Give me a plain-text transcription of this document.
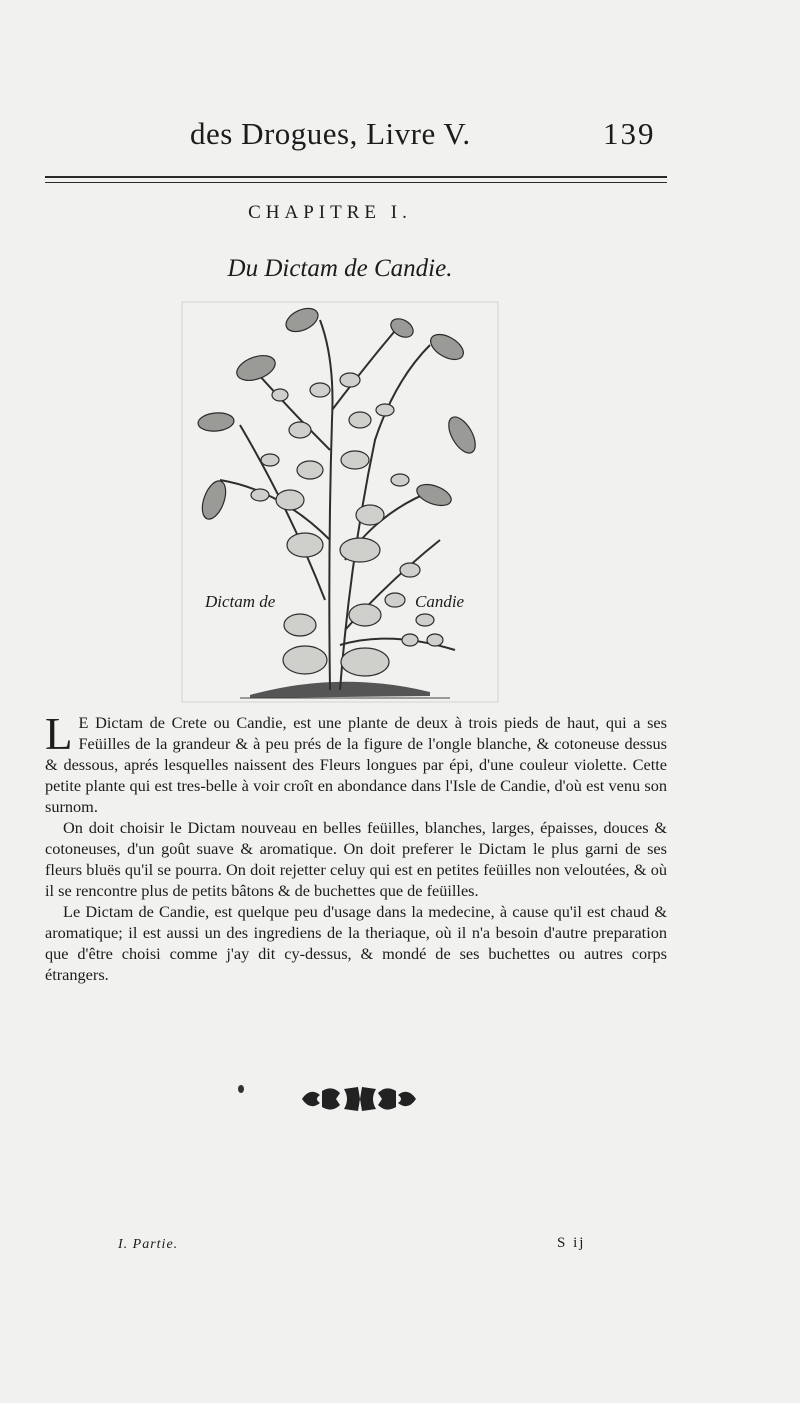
des Drogues, Livre V.	139
CHAPITRE I.
Du Dictam de Candie.
Dictam de	Candie

L E Dictam de Crete ou Candie, est une plante de deux à trois pieds de haut, qui a ses Feüilles de la grandeur & à peu prés de la figure de l'ongle blanche, & cotoneuse dessus & dessous, aprés lesquelles naissent des Fleurs longues par épi, d'une couleur violette. Cette petite plante qui est tres-belle à voir croît en abondance dans l'Isle de Candie, d'où est venu son surnom.

On doit choisir le Dictam nouveau en belles feüilles, blanches, larges, épaisses, douces & cotoneuses, d'un goût suave & aromatique. On doit preferer le Dictam le plus garni de ses fleurs bluës qu'il se pourra. On doit rejetter celuy qui est en petites feüilles non veloutées, & où il se rencontre plus de petits bâtons & de buchettes que de feüilles.

Le Dictam de Candie, est quelque peu d'usage dans la medecine, à cause qu'il est chaud & aromatique; il est aussi un des ingrediens de la theriaque, où il n'a besoin d'autre preparation que d'être choisi comme j'ay dit cy-dessus, & mondé de ses buchettes ou autres corps étrangers.

I. Partie.	S ij
